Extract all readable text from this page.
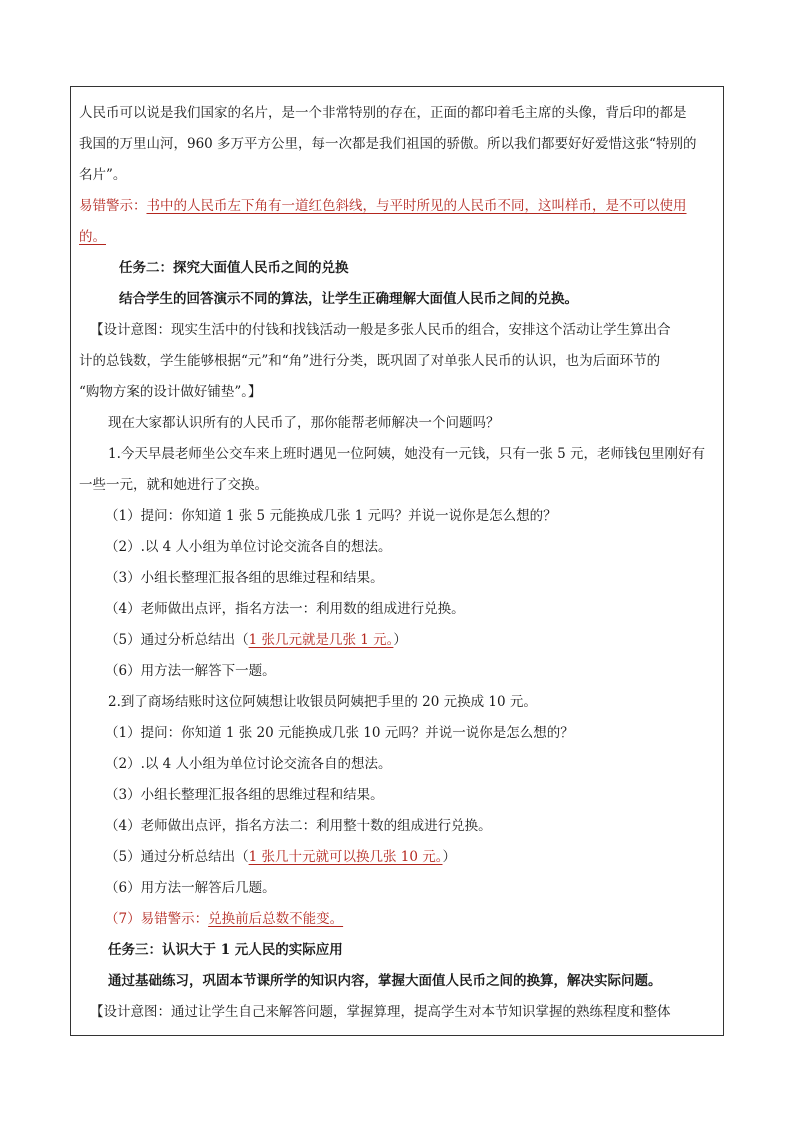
人民币可以说是我们国家的名片，是一个非常特别的存在，正面的都印着毛主席的头像，背后印的都是
我国的万里山河，960 多万平方公里，每一次都是我们祖国的骄傲。所以我们都要好好爱惜这张“特别的
名片”。
易错警示：书中的人民币左下角有一道红色斜线，与平时所见的人民币不同，这叫样币，是不可以使用
的。
任务二：探究大面值人民币之间的兑换
结合学生的回答演示不同的算法，让学生正确理解大面值人民币之间的兑换。
【设计意图：现实生活中的付钱和找钱活动一般是多张人民币的组合，安排这个活动让学生算出合
计的总钱数，学生能够根据“元”和“角”进行分类，既巩固了对单张人民币的认识，也为后面环节的
“购物方案的设计做好铺垫”。】
现在大家都认识所有的人民币了，那你能帮老师解决一个问题吗？
1.今天早晨老师坐公交车来上班时遇见一位阿姨，她没有一元钱，只有一张 5 元，老师钱包里刚好有
一些一元，就和她进行了交换。
（1）提问：你知道 1 张 5 元能换成几张 1 元吗？并说一说你是怎么想的？
（2）.以 4 人小组为单位讨论交流各自的想法。
（3）小组长整理汇报各组的思维过程和结果。
（4）老师做出点评，指名方法一：利用数的组成进行兑换。
（5）通过分析总结出（1 张几元就是几张 1 元。）
（6）用方法一解答下一题。
2.到了商场结账时这位阿姨想让收银员阿姨把手里的 20 元换成 10 元。
（1）提问：你知道 1 张 20 元能换成几张 10 元吗？并说一说你是怎么想的？
（2）.以 4 人小组为单位讨论交流各自的想法。
（3）小组长整理汇报各组的思维过程和结果。
（4）老师做出点评，指名方法二：利用整十数的组成进行兑换。
（5）通过分析总结出（1 张几十元就可以换几张 10 元。）
（6）用方法一解答后几题。
（7）易错警示：兑换前后总数不能变。
任务三：认识大于 1 元人民的实际应用
通过基础练习，巩固本节课所学的知识内容，掌握大面值人民币之间的换算，解决实际问题。
【设计意图：通过让学生自己来解答问题，掌握算理，提高学生对本节知识掌握的熟练程度和整体
